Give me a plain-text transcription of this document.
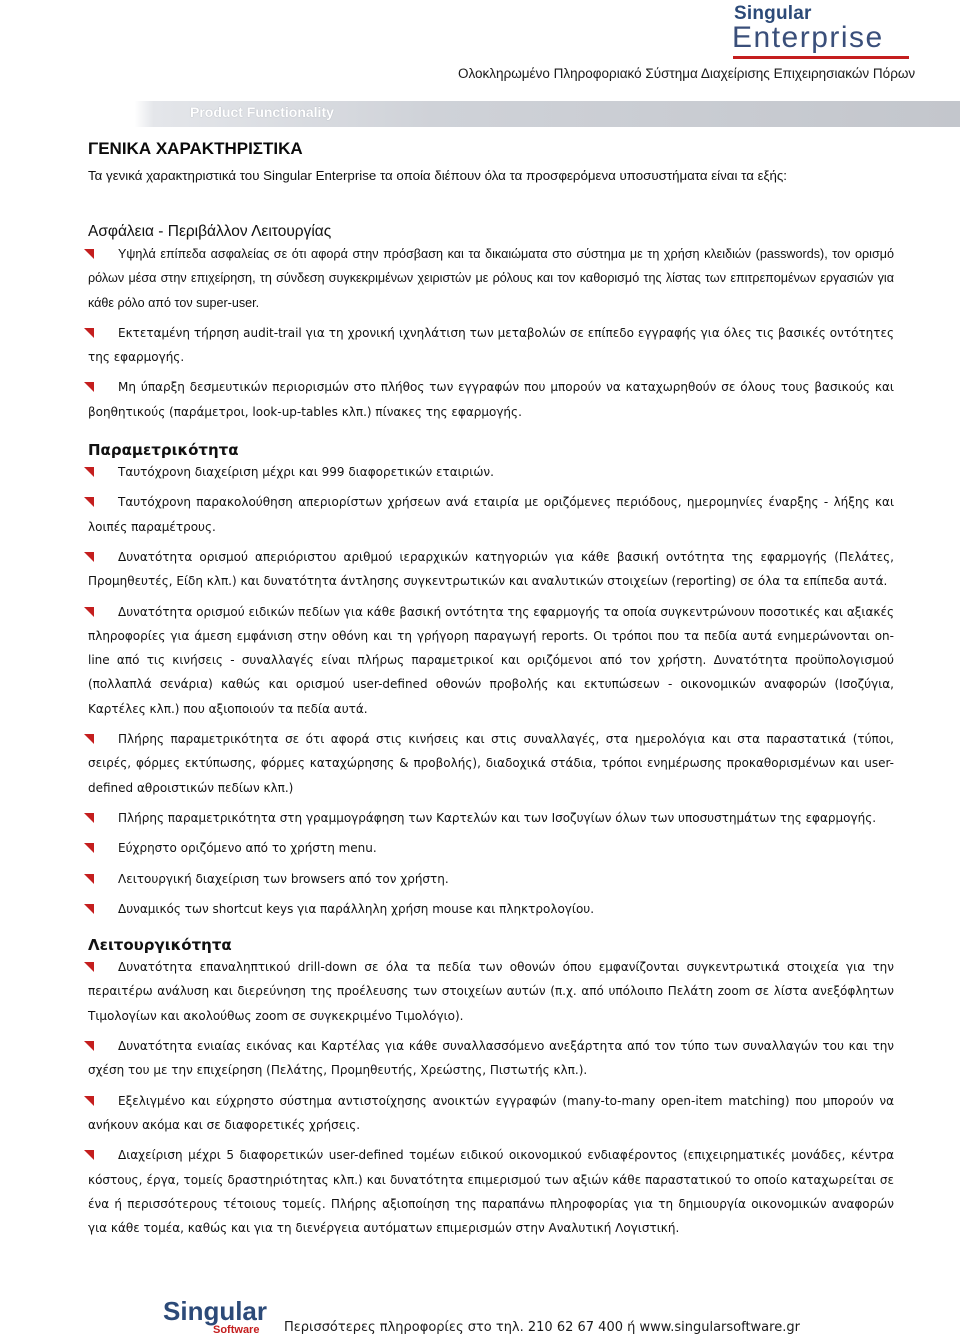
Singular
Enterprise
Ολοκληρωμένο Πληροφοριακό Σύστημα Διαχείρισης Επιχειρησιακών Πόρων
Product Functionality
ΓΕΝΙΚΑ ΧΑΡΑΚΤΗΡΙΣΤΙΚΑ

Τα γενικά χαρακτηριστικά του Singular Enterprise τα οποία διέπουν όλα τα προσφερόμενα υποσυστήματα είναι τα εξής:

Ασφάλεια - Περιβάλλον Λειτουργίας

Υψηλά επίπεδα ασφαλείας σε ότι αφορά στην πρόσβαση και τα δικαιώματα στο σύστημα με τη χρήση κλειδιών (passwords), τον ορισμό ρόλων μέσα στην επιχείρηση, τη σύνδεση συγκεκριμένων χειριστών με ρόλους και τον καθορισμό της λίστας των επιτρεπομένων εργασιών για κάθε ρόλο από τον super-user.

Εκτεταμένη τήρηση audit-trail για τη χρονική ιχνηλάτιση των μεταβολών σε επίπεδο εγγραφής για όλες τις βασικές οντότητες της εφαρμογής.

Μη ύπαρξη δεσμευτικών περιορισμών στο πλήθος των εγγραφών που μπορούν να καταχωρηθούν σε όλους τους βασικούς και βοηθητικούς (παράμετροι, look-up-tables κλπ.) πίνακες της εφαρμογής.

Παραμετρικότητα

Ταυτόχρονη διαχείριση μέχρι και 999 διαφορετικών εταιριών.

Ταυτόχρονη παρακολούθηση απεριορίστων χρήσεων ανά εταιρία με οριζόμενες περιόδους, ημερομηνίες έναρξης - λήξης και λοιπές παραμέτρους.

Δυνατότητα ορισμού απεριόριστου αριθμού ιεραρχικών κατηγοριών για κάθε βασική οντότητα της εφαρμογής (Πελάτες, Προμηθευτές, Είδη κλπ.) και δυνατότητα άντλησης συγκεντρωτικών και αναλυτικών στοιχείων (reporting) σε όλα τα επίπεδα αυτά.

Δυνατότητα ορισμού ειδικών πεδίων για κάθε βασική οντότητα της εφαρμογής τα οποία συγκεντρώνουν ποσοτικές και αξιακές πληροφορίες για άμεση εμφάνιση στην οθόνη και τη γρήγορη παραγωγή reports. Οι τρόποι που τα πεδία αυτά ενημερώνονται on-line από τις κινήσεις - συναλλαγές είναι πλήρως παραμετρικοί και οριζόμενοι από τον χρήστη. Δυνατότητα προϋπολογισμού (πολλαπλά σενάρια) καθώς και ορισμού user-defined οθονών προβολής και εκτυπώσεων - οικονομικών αναφορών (Ισοζύγια, Καρτέλες κλπ.) που αξιοποιούν τα πεδία αυτά.

Πλήρης παραμετρικότητα σε ότι αφορά στις κινήσεις και στις συναλλαγές, στα ημερολόγια και στα παραστατικά (τύποι, σειρές, φόρμες εκτύπωσης, φόρμες καταχώρησης & προβολής), διαδοχικά στάδια, τρόποι ενημέρωσης προκαθορισμένων και user-defined αθροιστικών πεδίων κλπ.)

Πλήρης παραμετρικότητα στη γραμμογράφηση των Καρτελών και των Ισοζυγίων όλων των υποσυστημάτων της εφαρμογής.

Εύχρηστο οριζόμενο από το χρήστη menu.

Λειτουργική διαχείριση των browsers από τον χρήστη.

Δυναμικός των shortcut keys για παράλληλη χρήση mouse και πληκτρολογίου.

Λειτουργικότητα

Δυνατότητα επαναληπτικού drill-down σε όλα τα πεδία των οθονών όπου εμφανίζονται συγκεντρωτικά στοιχεία για την περαιτέρω ανάλυση και διερεύνηση της προέλευσης των στοιχείων αυτών (π.χ. από υπόλοιπο Πελάτη zoom σε λίστα ανεξόφλητων Τιμολογίων και ακολούθως zoom σε συγκεκριμένο Τιμολόγιο).

Δυνατότητα ενιαίας εικόνας και Καρτέλας για κάθε συναλλασσόμενο ανεξάρτητα από τον τύπο των συναλλαγών του και την σχέση του με την επιχείρηση (Πελάτης, Προμηθευτής, Χρεώστης, Πιστωτής κλπ.).

Εξελιγμένο και εύχρηστο σύστημα αντιστοίχησης ανοικτών εγγραφών (many-to-many open-item matching) που μπορούν να ανήκουν ακόμα και σε διαφορετικές χρήσεις.

Διαχείριση μέχρι 5 διαφορετικών user-defined τομέων ειδικού οικονομικού ενδιαφέροντος (επιχειρηματικές μονάδες, κέντρα κόστους, έργα, τομείς δραστηριότητας κλπ.) και δυνατότητα επιμερισμού των αξιών κάθε παραστατικού το οποίο καταχωρείται σε ένα ή περισσότερους τέτοιους τομείς. Πλήρης αξιοποίηση της παραπάνω πληροφορίας για τη δημιουργία οικονομικών αναφορών για κάθε τομέα, καθώς και για τη διενέργεια αυτόματων επιμερισμών στην Αναλυτική Λογιστική.

Singular
Software Περισσότερες πληροφορίες στο τηλ. 210 62 67 400 ή www.singularsoftware.gr
